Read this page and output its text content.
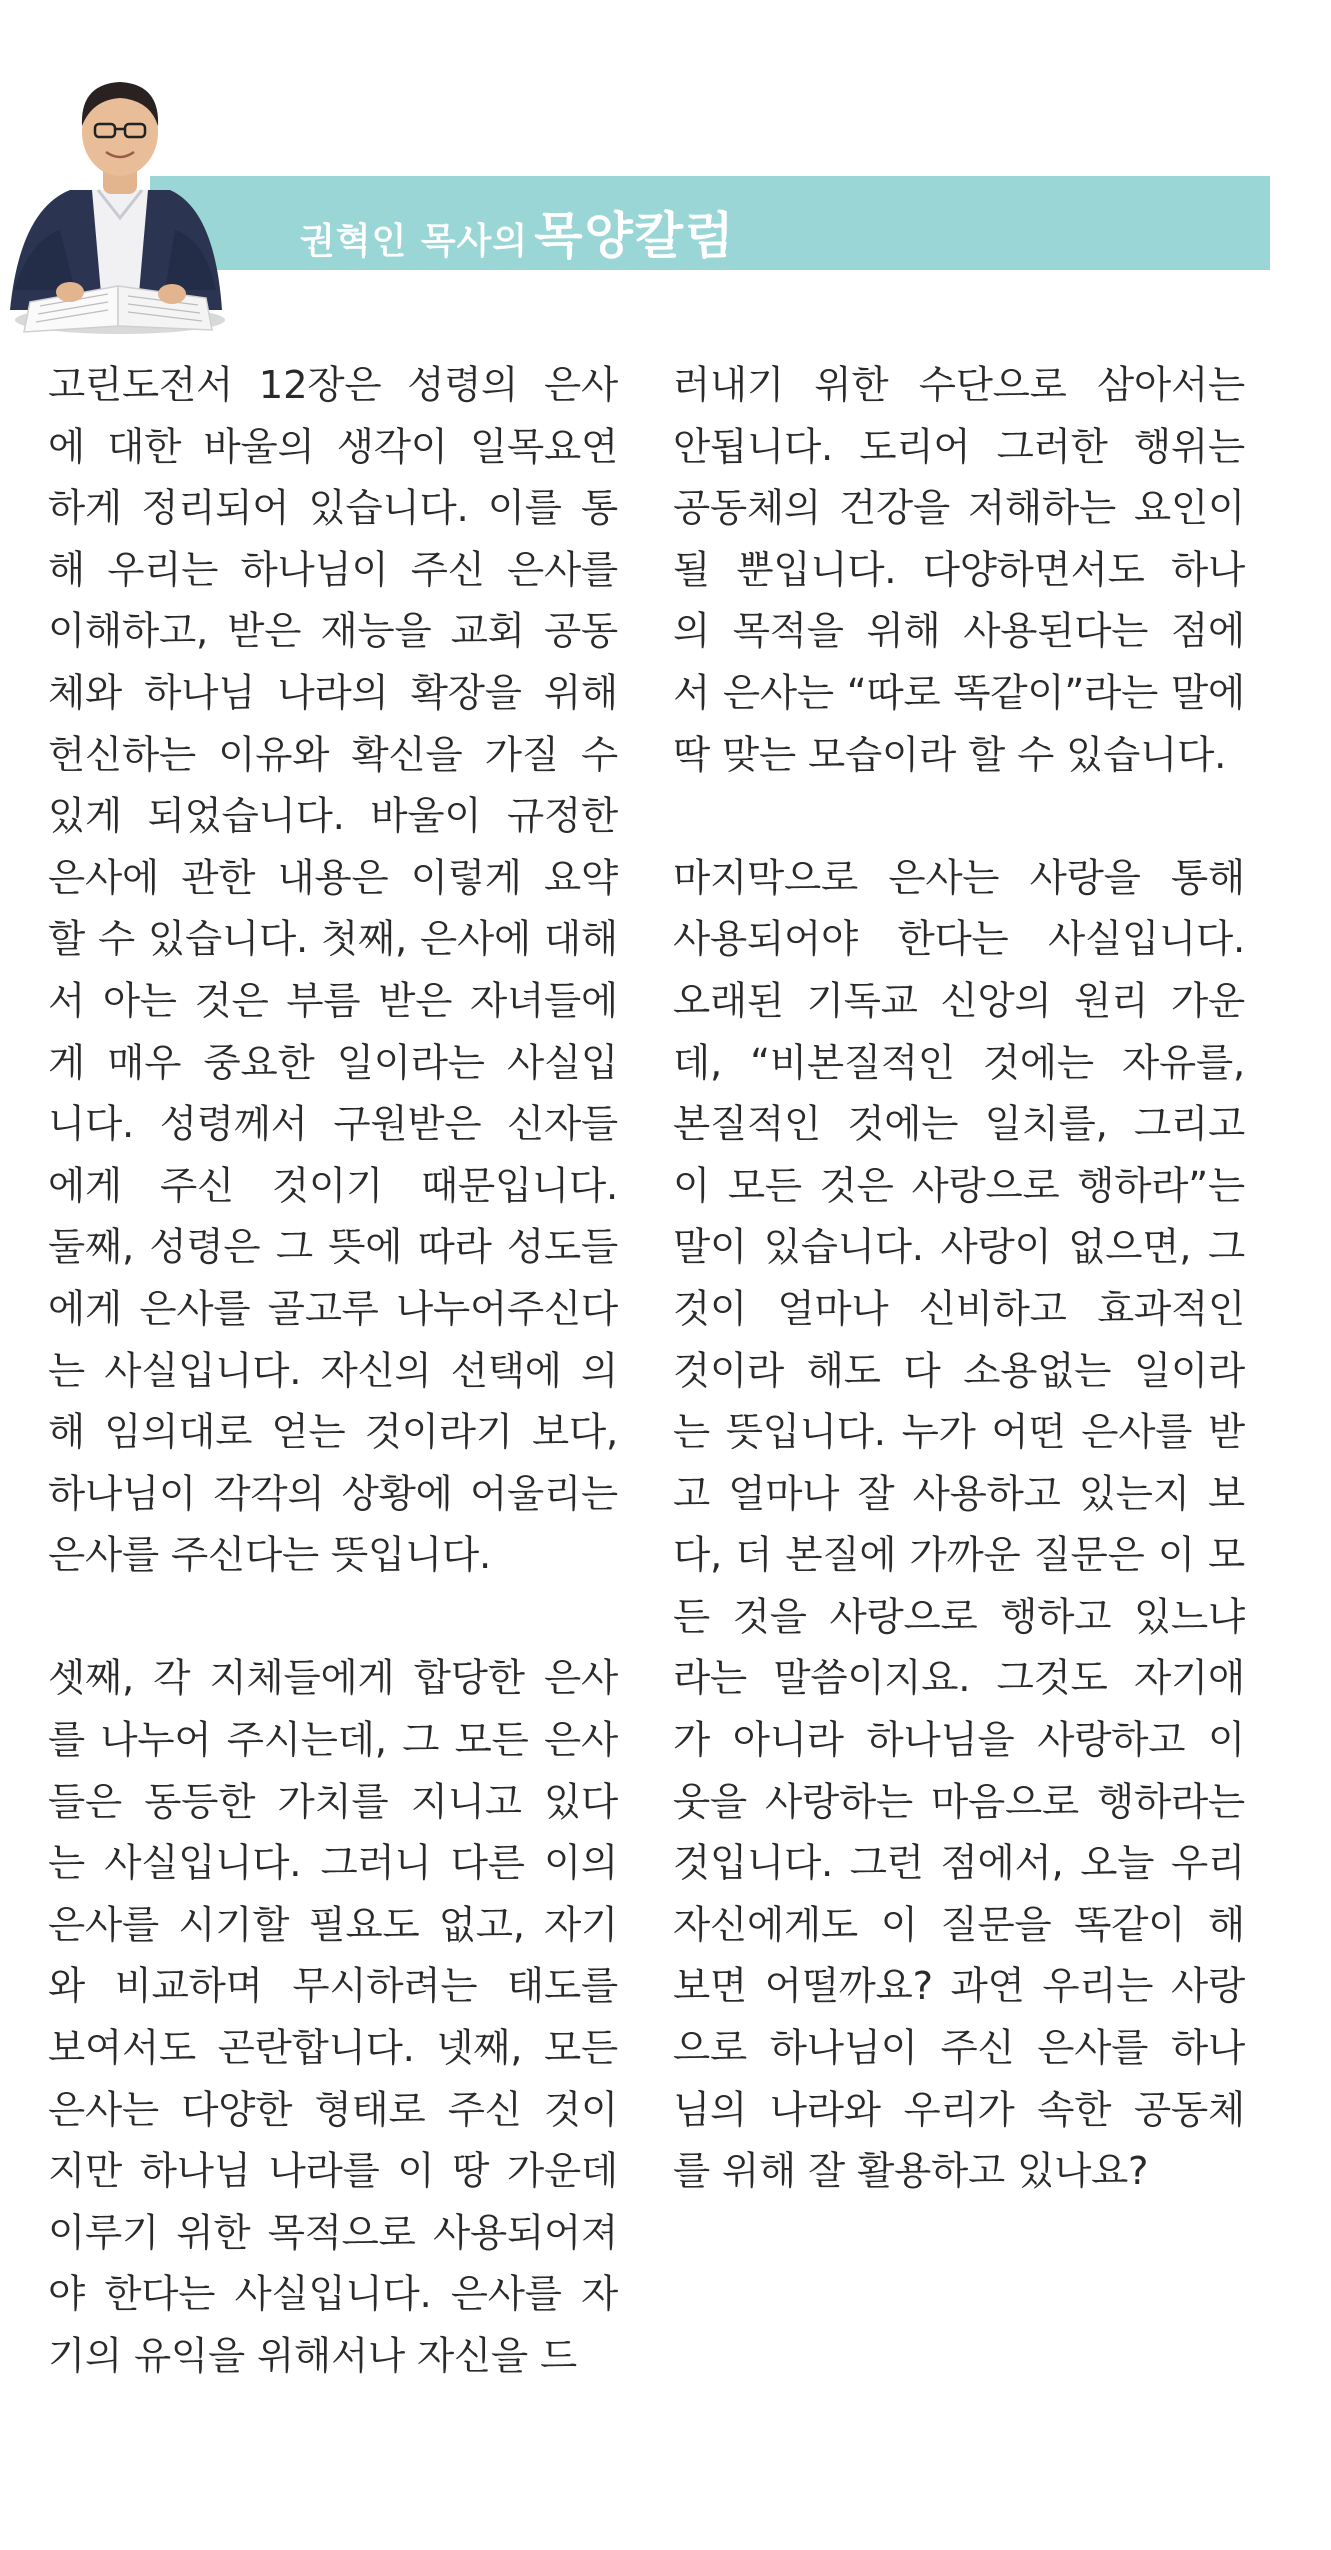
권혁인 목사의 목양칼럼
고린도전서 12장은 성령의 은사
에 대한 바울의 생각이 일목요연
하게 정리되어 있습니다. 이를 통
해 우리는 하나님이 주신 은사를
이해하고, 받은 재능을 교회 공동
체와 하나님 나라의 확장을 위해
헌신하는 이유와 확신을 가질 수
있게 되었습니다. 바울이 규정한
은사에 관한 내용은 이렇게 요약
할 수 있습니다. 첫째, 은사에 대해
서 아는 것은 부름 받은 자녀들에
게 매우 중요한 일이라는 사실입
니다. 성령께서 구원받은 신자들
에게 주신 것이기 때문입니다.
둘째, 성령은 그 뜻에 따라 성도들
에게 은사를 골고루 나누어주신다
는 사실입니다. 자신의 선택에 의
해 임의대로 얻는 것이라기 보다,
하나님이 각각의 상황에 어울리는
은사를 주신다는 뜻입니다.
셋째, 각 지체들에게 합당한 은사
를 나누어 주시는데, 그 모든 은사
들은 동등한 가치를 지니고 있다
는 사실입니다. 그러니 다른 이의
은사를 시기할 필요도 없고, 자기
와 비교하며 무시하려는 태도를
보여서도 곤란합니다. 넷째, 모든
은사는 다양한 형태로 주신 것이
지만 하나님 나라를 이 땅 가운데
이루기 위한 목적으로 사용되어져
야 한다는 사실입니다. 은사를 자
기의 유익을 위해서나 자신을 드
러내기 위한 수단으로 삼아서는
안됩니다. 도리어 그러한 행위는
공동체의 건강을 저해하는 요인이
될 뿐입니다. 다양하면서도 하나
의 목적을 위해 사용된다는 점에
서 은사는 “따로 똑같이”라는 말에
딱 맞는 모습이라 할 수 있습니다.
마지막으로 은사는 사랑을 통해
사용되어야 한다는 사실입니다.
오래된 기독교 신앙의 원리 가운
데, “비본질적인 것에는 자유를,
본질적인 것에는 일치를, 그리고
이 모든 것은 사랑으로 행하라”는
말이 있습니다. 사랑이 없으면, 그
것이 얼마나 신비하고 효과적인
것이라 해도 다 소용없는 일이라
는 뜻입니다. 누가 어떤 은사를 받
고 얼마나 잘 사용하고 있는지 보
다, 더 본질에 가까운 질문은 이 모
든 것을 사랑으로 행하고 있느냐
라는 말씀이지요. 그것도 자기애
가 아니라 하나님을 사랑하고 이
웃을 사랑하는 마음으로 행하라는
것입니다. 그런 점에서, 오늘 우리
자신에게도 이 질문을 똑같이 해
보면 어떨까요? 과연 우리는 사랑
으로 하나님이 주신 은사를 하나
님의 나라와 우리가 속한 공동체
를 위해 잘 활용하고 있나요?
